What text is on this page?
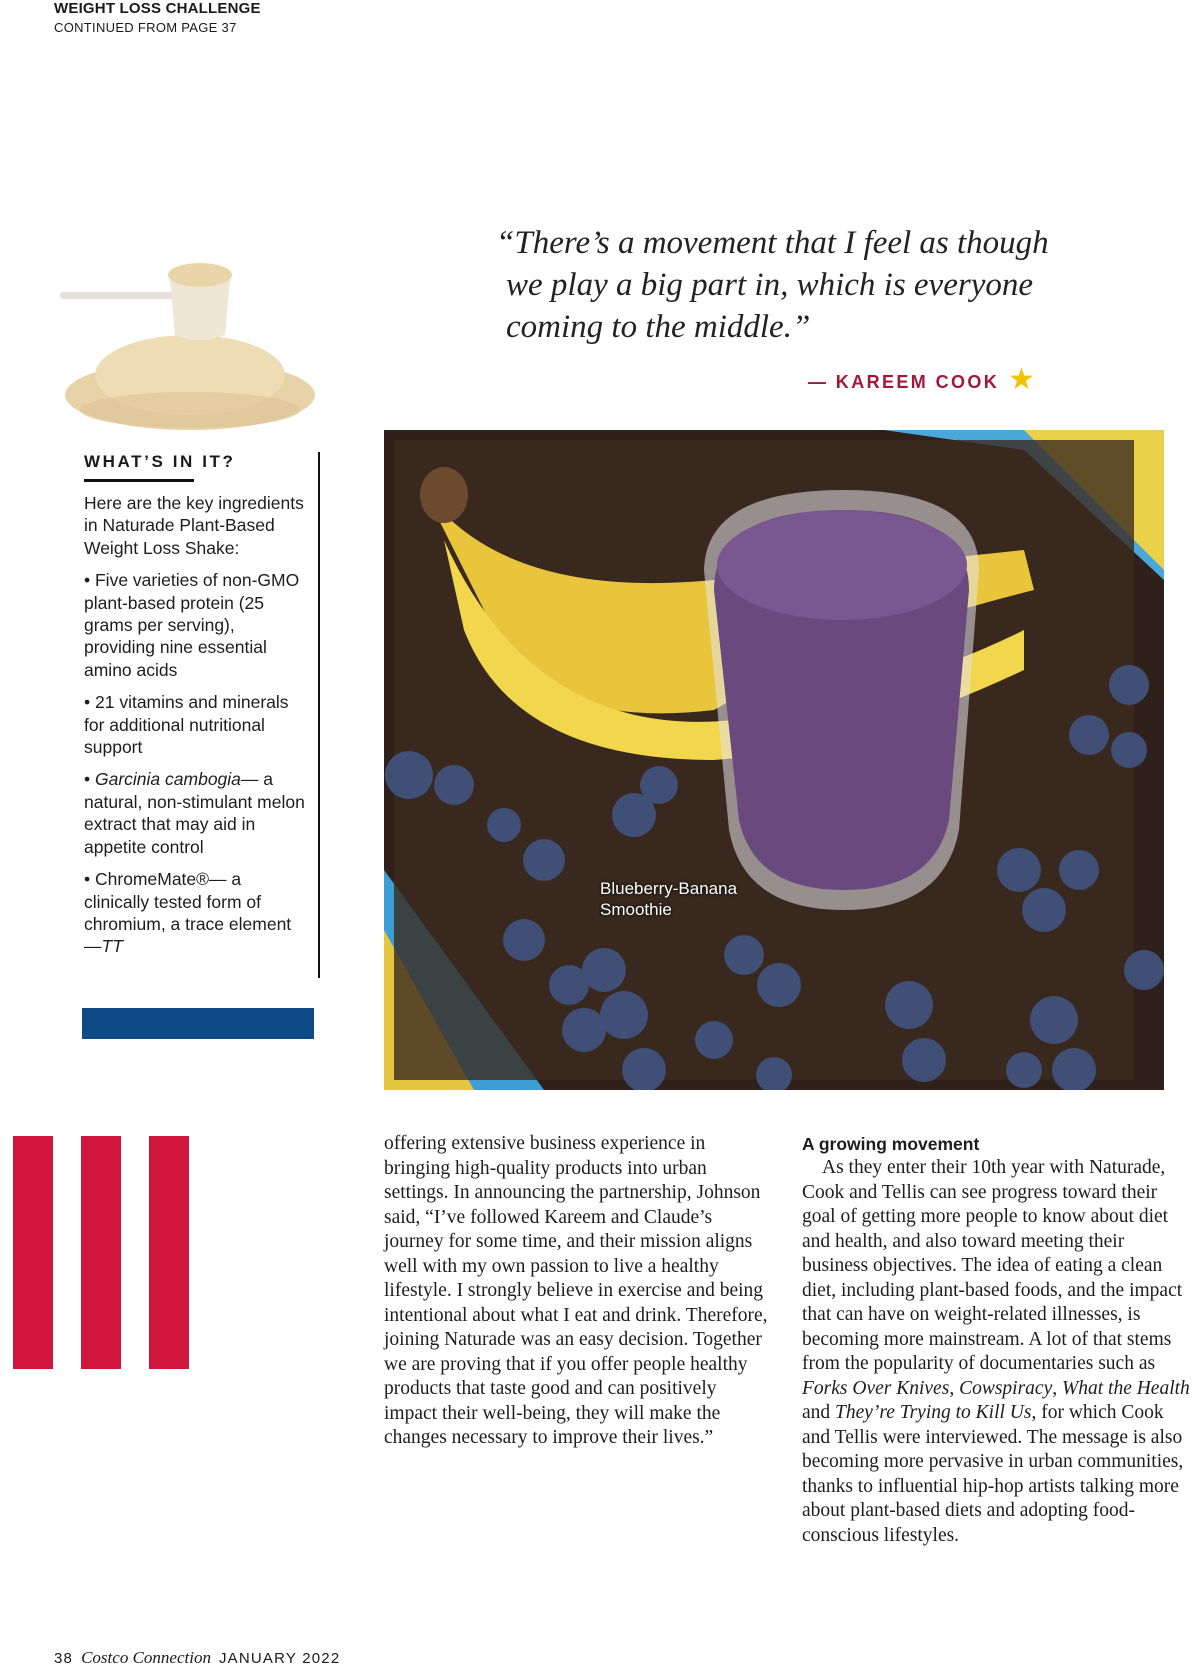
WEIGHT LOSS CHALLENGE
CONTINUED FROM PAGE 37
“There’s a movement that I feel as though
we play a big part in, which is everyone
coming to the middle.”
— KAREEM COOK ★
WHAT’S IN IT?

Here are the key ingredients in Naturade Plant-Based Weight Loss Shake:

• Five varieties of non-GMO plant-based protein (25 grams per serving), providing nine essential amino acids

• 21 vitamins and minerals for additional nutritional support

• Garcinia cambogia— a natural, non-stimulant melon extract that may aid in appetite control

• ChromeMate®— a clinically tested form of chromium, a trace element—TT

Blueberry-Banana
Smoothie

offering extensive business experience in bringing high-quality products into urban settings. In announcing the partnership, Johnson said, “I’ve followed Kareem and Claude’s journey for some time, and their mission aligns well with my own passion to live a healthy lifestyle. I strongly believe in exercise and being intentional about what I eat and drink. Therefore, joining Naturade was an easy decision. Together we are proving that if you offer people healthy products that taste good and can positively impact their well-being, they will make the changes necessary to improve their lives.”

A growing movement

As they enter their 10th year with Naturade, Cook and Tellis can see progress toward their goal of getting more people to know about diet and health, and also toward meeting their business objectives. The idea of eating a clean diet, including plant-based foods, and the impact that can have on weight-related illnesses, is becoming more mainstream. A lot of that stems from the popularity of documentaries such as Forks Over Knives, Cowspiracy, What the Health and They’re Trying to Kill Us, for which Cook and Tellis were interviewed. The message is also becoming more pervasive in urban communities, thanks to influential hip-hop artists talking more about plant-based diets and adopting food-conscious lifestyles.

38 Costco Connection JANUARY 2022
